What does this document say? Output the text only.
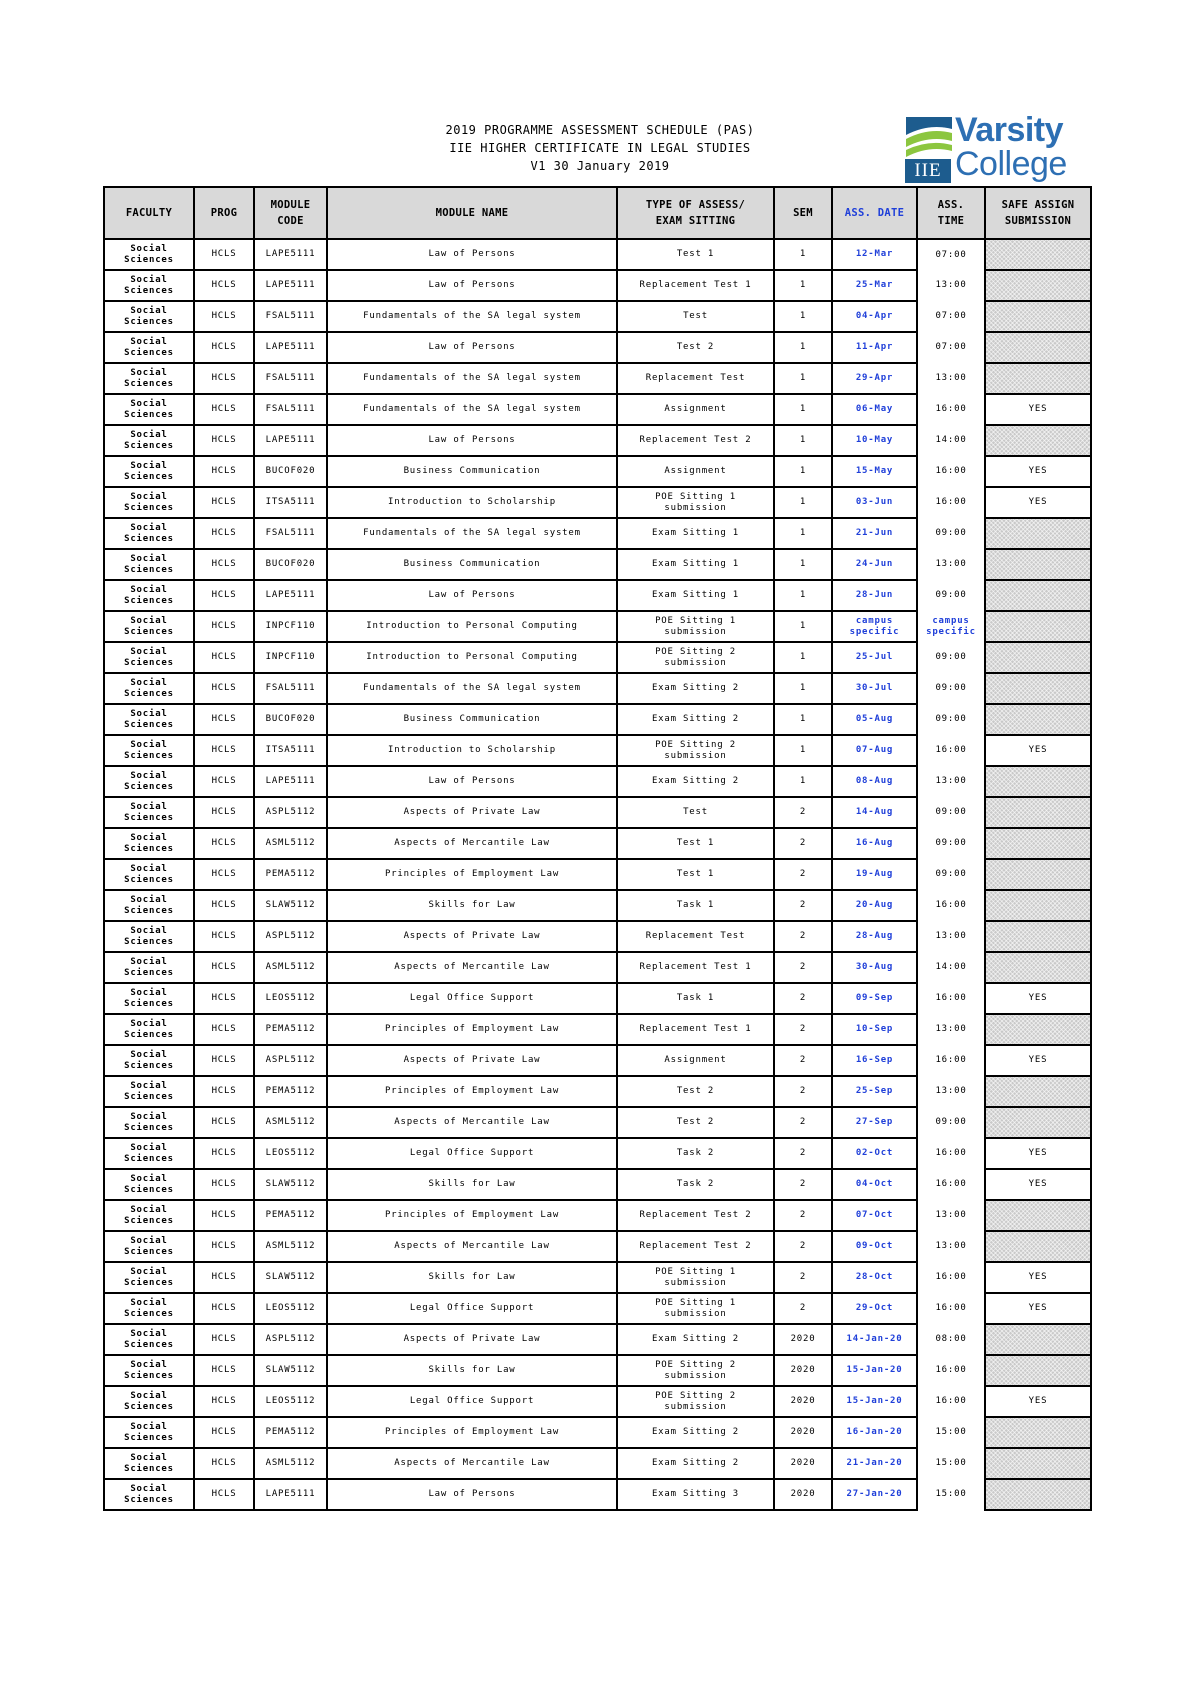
2019 PROGRAMME ASSESSMENT SCHEDULE (PAS)
IIE HIGHER CERTIFICATE IN LEGAL STUDIES
V1 30 January 2019	IIE
Varsity
College
FACULTY	PROG	MODULE
CODE	MODULE NAME	TYPE OF ASSESS/
EXAM SITTING	SEM	ASS. DATE	ASS.
TIME	SAFE ASSIGN
SUBMISSION

Social
Sciences	HCLS	LAPE5111	Law of Persons	Test 1	1	12-Mar	07:00	

Social
Sciences	HCLS	LAPE5111	Law of Persons	Replacement Test 1	1	25-Mar	13:00	

Social
Sciences	HCLS	FSAL5111	Fundamentals of the SA legal system	Test	1	04-Apr	07:00	

Social
Sciences	HCLS	LAPE5111	Law of Persons	Test 2	1	11-Apr	07:00	

Social
Sciences	HCLS	FSAL5111	Fundamentals of the SA legal system	Replacement Test	1	29-Apr	13:00	

Social
Sciences	HCLS	FSAL5111	Fundamentals of the SA legal system	Assignment	1	06-May	16:00	YES

Social
Sciences	HCLS	LAPE5111	Law of Persons	Replacement Test 2	1	10-May	14:00	

Social
Sciences	HCLS	BUCOF020	Business Communication	Assignment	1	15-May	16:00	YES

Social
Sciences	HCLS	ITSA5111	Introduction to Scholarship	POE Sitting 1
submission	1	03-Jun	16:00	YES

Social
Sciences	HCLS	FSAL5111	Fundamentals of the SA legal system	Exam Sitting 1	1	21-Jun	09:00	

Social
Sciences	HCLS	BUCOF020	Business Communication	Exam Sitting 1	1	24-Jun	13:00	

Social
Sciences	HCLS	LAPE5111	Law of Persons	Exam Sitting 1	1	28-Jun	09:00	

Social
Sciences	HCLS	INPCF110	Introduction to Personal Computing	POE Sitting 1
submission	1	campus
specific	campus
specific	

Social
Sciences	HCLS	INPCF110	Introduction to Personal Computing	POE Sitting 2
submission	1	25-Jul	09:00	

Social
Sciences	HCLS	FSAL5111	Fundamentals of the SA legal system	Exam Sitting 2	1	30-Jul	09:00	

Social
Sciences	HCLS	BUCOF020	Business Communication	Exam Sitting 2	1	05-Aug	09:00	

Social
Sciences	HCLS	ITSA5111	Introduction to Scholarship	POE Sitting 2
submission	1	07-Aug	16:00	YES

Social
Sciences	HCLS	LAPE5111	Law of Persons	Exam Sitting 2	1	08-Aug	13:00	

Social
Sciences	HCLS	ASPL5112	Aspects of Private Law	Test	2	14-Aug	09:00	

Social
Sciences	HCLS	ASML5112	Aspects of Mercantile Law	Test 1	2	16-Aug	09:00	

Social
Sciences	HCLS	PEMA5112	Principles of Employment Law	Test 1	2	19-Aug	09:00	

Social
Sciences	HCLS	SLAW5112	Skills for Law	Task 1	2	20-Aug	16:00	

Social
Sciences	HCLS	ASPL5112	Aspects of Private Law	Replacement Test	2	28-Aug	13:00	

Social
Sciences	HCLS	ASML5112	Aspects of Mercantile Law	Replacement Test 1	2	30-Aug	14:00	

Social
Sciences	HCLS	LEOS5112	Legal Office Support	Task 1	2	09-Sep	16:00	YES

Social
Sciences	HCLS	PEMA5112	Principles of Employment Law	Replacement Test 1	2	10-Sep	13:00	

Social
Sciences	HCLS	ASPL5112	Aspects of Private Law	Assignment	2	16-Sep	16:00	YES

Social
Sciences	HCLS	PEMA5112	Principles of Employment Law	Test 2	2	25-Sep	13:00	

Social
Sciences	HCLS	ASML5112	Aspects of Mercantile Law	Test 2	2	27-Sep	09:00	

Social
Sciences	HCLS	LEOS5112	Legal Office Support	Task 2	2	02-Oct	16:00	YES

Social
Sciences	HCLS	SLAW5112	Skills for Law	Task 2	2	04-Oct	16:00	YES

Social
Sciences	HCLS	PEMA5112	Principles of Employment Law	Replacement Test 2	2	07-Oct	13:00	

Social
Sciences	HCLS	ASML5112	Aspects of Mercantile Law	Replacement Test 2	2	09-Oct	13:00	

Social
Sciences	HCLS	SLAW5112	Skills for Law	POE Sitting 1
submission	2	28-Oct	16:00	YES

Social
Sciences	HCLS	LEOS5112	Legal Office Support	POE Sitting 1
submission	2	29-Oct	16:00	YES

Social
Sciences	HCLS	ASPL5112	Aspects of Private Law	Exam Sitting 2	2020	14-Jan-20	08:00	

Social
Sciences	HCLS	SLAW5112	Skills for Law	POE Sitting 2
submission	2020	15-Jan-20	16:00	

Social
Sciences	HCLS	LEOS5112	Legal Office Support	POE Sitting 2
submission	2020	15-Jan-20	16:00	YES

Social
Sciences	HCLS	PEMA5112	Principles of Employment Law	Exam Sitting 2	2020	16-Jan-20	15:00	

Social
Sciences	HCLS	ASML5112	Aspects of Mercantile Law	Exam Sitting 2	2020	21-Jan-20	15:00	

Social
Sciences	HCLS	LAPE5111	Law of Persons	Exam Sitting 3	2020	27-Jan-20	15:00	
